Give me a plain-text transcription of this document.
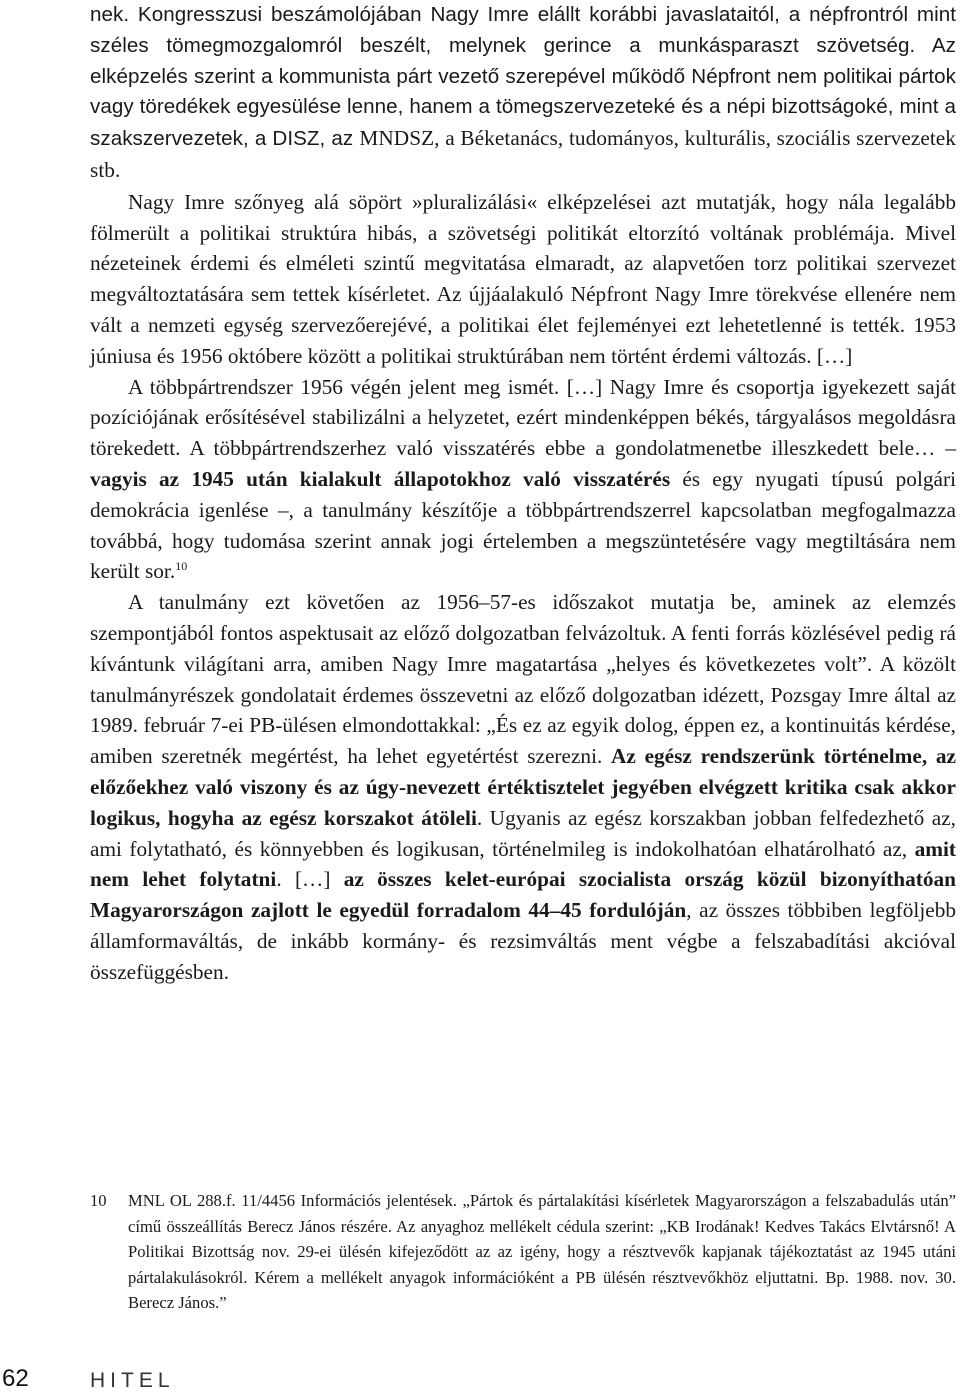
nek. Kongresszusi beszámolójában Nagy Imre elállt korábbi javaslataitól, a népfrontról mint széles tömegmozgalomról beszélt, melynek gerince a munkásparaszt szövetség. Az elképzelés szerint a kommunista párt vezető szerepével működő Népfront nem politikai pártok vagy töredékek egyesülése lenne, hanem a tömegszervezeteké és a népi bizottságoké, mint a szakszervezetek, a DISZ, az MNDSZ, a Béketanács, tudományos, kulturális, szociális szervezetek stb.

Nagy Imre szőnyeg alá söpört »pluralizálási« elképzelései azt mutatják, hogy nála legalább fölmerült a politikai struktúra hibás, a szövetségi politikát eltorzító voltának problémája. Mivel nézeteinek érdemi és elméleti szintű megvitatása elmaradt, az alapvetően torz politikai szervezet megváltoztatására sem tettek kísérletet. Az újjáalakuló Népfront Nagy Imre törekvése ellenére nem vált a nemzeti egység szervezőerejévé, a politikai élet fejleményei ezt lehetetlenné is tették. 1953 júniusa és 1956 októbere között a politikai struktúrában nem történt érdemi változás. […]

A többpártrendszer 1956 végén jelent meg ismét. […] Nagy Imre és csoportja igyekezett saját pozíciójának erősítésével stabilizálni a helyzetet, ezért mindenképpen békés, tárgyalásos megoldásra törekedett. A többpártrendszerhez való visszatérés ebbe a gondolatmenetbe illeszkedett bele… – vagyis az 1945 után kialakult állapotokhoz való visszatérés és egy nyugati típusú polgári demokrácia igenlése –, a tanulmány készítője a többpártrendszerrel kapcsolatban megfogalmazza továbbá, hogy tudomása szerint annak jogi értelemben a megszüntetésére vagy megtiltására nem került sor.$^{10}$

A tanulmány ezt követően az 1956–57-es időszakot mutatja be, aminek az elemzés szempontjából fontos aspektusait az előző dolgozatban felvázoltuk. A fenti forrás közlésével pedig rá kívántunk világítani arra, amiben Nagy Imre magatartása „helyes és következetes volt”. A közölt tanulmányrészek gondolatait érdemes összevetni az előző dolgozatban idézett, Pozsgay Imre által az 1989. február 7-ei PB-ülésen elmondottakkal: „És ez az egyik dolog, éppen ez, a kontinuitás kérdése, amiben szeretnék megértést, ha lehet egyetértést szerezni. Az egész rendszerünk történelme, az előzőekhez való viszony és az úgy-nevezett értéktisztelet jegyében elvégzett kritika csak akkor logikus, hogyha az egész korszakot átöleli. Ugyanis az egész korszakban jobban felfedezhető az, ami folytatható, és könnyebben és logikusan, történelmileg is indokolhatóan elhatárolható az, amit nem lehet folytatni. […] az összes kelet-európai szocialista ország közül bizonyíthatóan Magyarországon zajlott le egyedül forradalom 44–45 fordulóján, az összes többiben legföljebb államformaváltás, de inkább kormány- és rezsimváltás ment végbe a felszabadítási akcióval összefüggésben.

10	MNL OL 288.f. 11/4456 Információs jelentések. „Pártok és pártalakítási kísérletek Magyarországon a felszabadulás után” című összeállítás Berecz János részére. Az anyaghoz mellékelt cédula szerint: „KB Irodának! Kedves Takács Elvtársnő! A Politikai Bizottság nov. 29-ei ülésén kifejeződött az az igény, hogy a résztvevők kapjanak tájékoztatást az 1945 utáni pártalakulásokról. Kérem a mellékelt anyagok információként a PB ülésén résztvevőkhöz eljuttatni. Bp. 1988. nov. 30. Berecz János.”
62	HITEL
